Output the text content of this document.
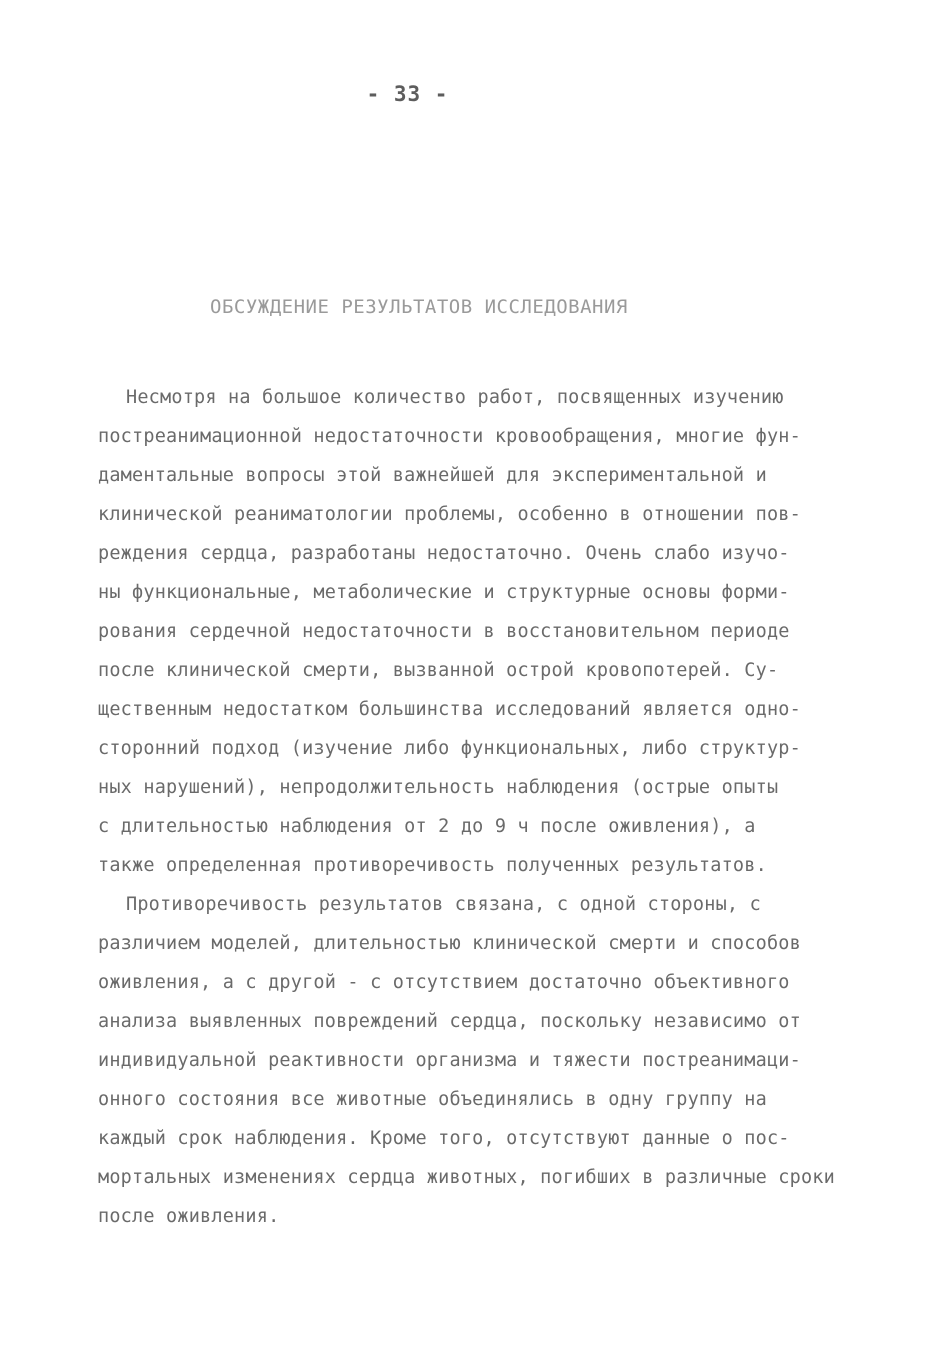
- 33 -
ОБСУЖДЕНИЕ РЕЗУЛЬТАТОВ ИССЛЕДОВАНИЯ
Несмотря на большое количество работ, посвященных изучению
постреанимационной недостаточности кровообращения, многие фун-
даментальные вопросы этой важнейшей для экспериментальной и
клинической реаниматологии проблемы, особенно в отношении пов-
реждения сердца, разработаны недостаточно. Очень слабо изучо-
ны функциональные, метаболические и структурные основы форми-
рования сердечной недостаточности в восстановительном периоде
после клинической смерти, вызванной острой кровопотерей. Су-
щественным недостатком большинства исследований является одно-
сторонний подход (изучение либо функциональных, либо структур-
ных нарушений), непродолжительность наблюдения (острые опыты
с длительностью наблюдения от 2 до 9 ч после оживления), а
также определенная противоречивость полученных результатов.
Противоречивость результатов связана, с одной стороны, с
различием моделей, длительностью клинической смерти и способов
оживления, а с другой - с отсутствием достаточно объективного
анализа выявленных повреждений сердца, поскольку независимо от
индивидуальной реактивности организма и тяжести постреанимаци-
онного состояния все животные объединялись в одну группу на
каждый срок наблюдения. Кроме того, отсутствуют данные о пос-
мортальных изменениях сердца животных, погибших в различные сроки
после оживления.
